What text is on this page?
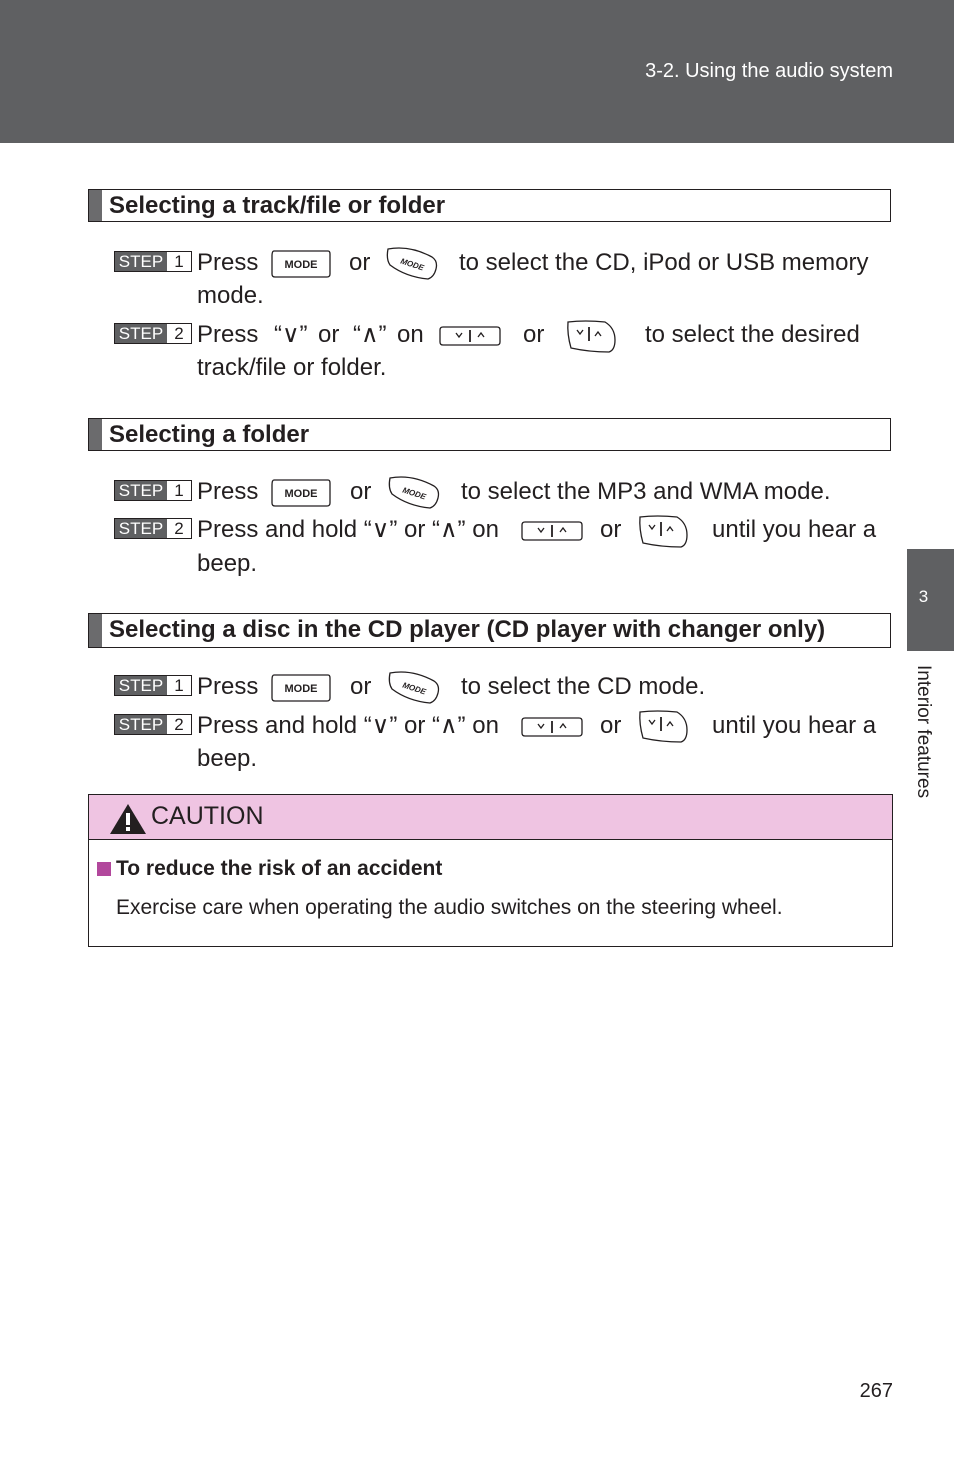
3-2. Using the audio system
3
Interior features
Selecting a track/file or folder
STEP 1 Press MODE or	MODE to select the CD, iPod or USB memory
mode.
STEP 2 Press “∨” or “∧” on	or	to select the desired
track/file or folder.
Selecting a folder
STEP 1 Press MODE or	MODE to select the MP3 and WMA mode.
STEP 2 Press and hold “∨” or “∧” on	or	until you hear a
beep.
Selecting a disc in the CD player (CD player with changer only)
STEP 1 Press MODE or	MODE to select the CD mode.
STEP 2 Press and hold “∨” or “∧” on	or	until you hear a
beep.
CAUTION
To reduce the risk of an accident
Exercise care when operating the audio switches on the steering wheel.
267
